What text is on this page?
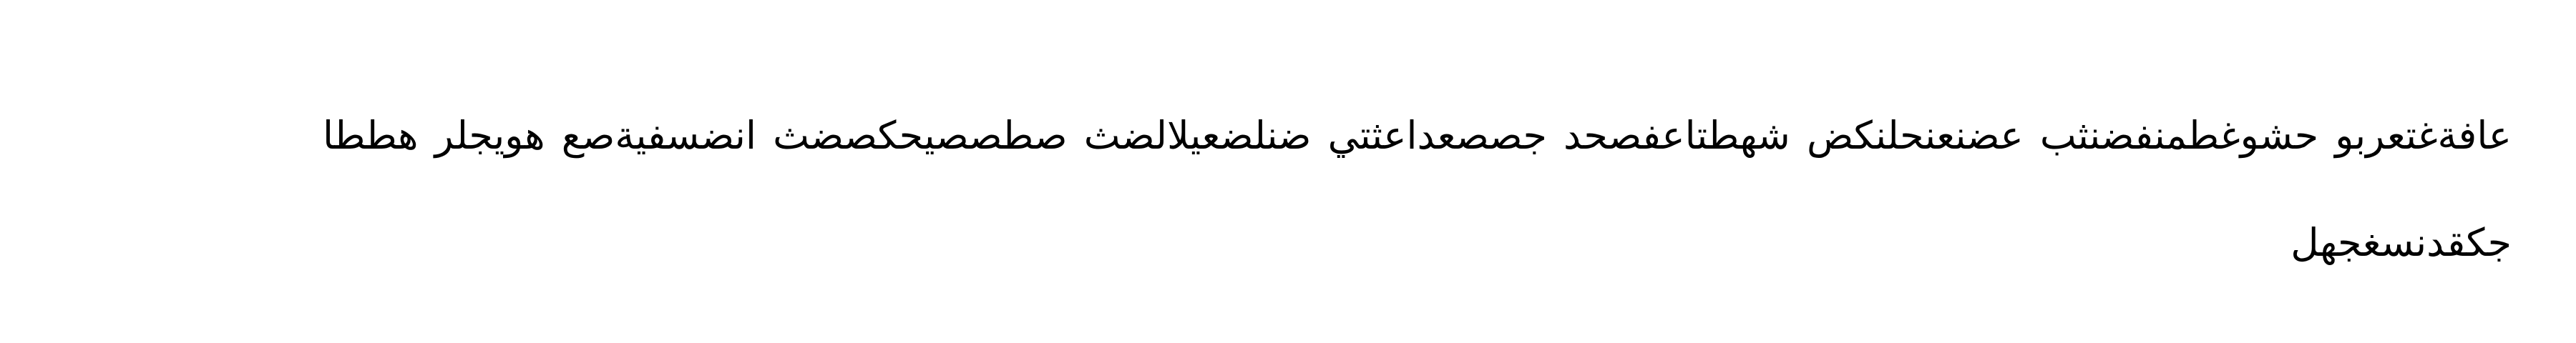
عافةغتعربو حشوغطمنفضنثب عضنعنحلنكض شهطتاعفصحد جصصعداعثتي ضنلضعيلالضث صطصصيحكصضث انضسفيةصع هويجلر هططا
جكقدنسغجهل
